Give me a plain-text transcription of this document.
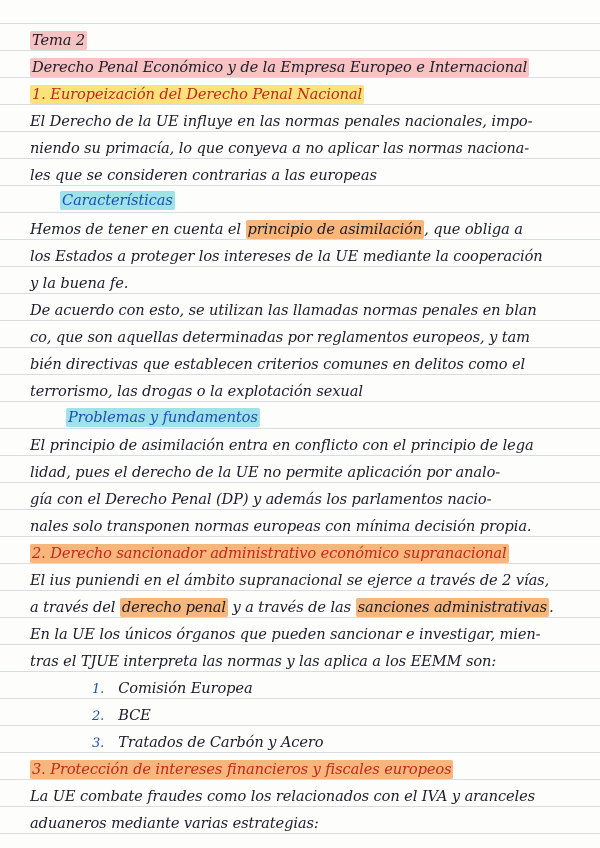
Tema 2
Derecho Penal Económico y de la Empresa Europeo e Internacional
1. Europeización del Derecho Penal Nacional
El Derecho de la UE influye en las normas penales nacionales, impo-
niendo su primacía, lo que conyeva a no aplicar las normas naciona-
les que se consideren contrarias a las europeas
Características
Hemos de tener en cuenta el principio de asimilación , que obliga a
los Estados a proteger los intereses de la UE mediante la cooperación
y la buena fe.
De acuerdo con esto, se utilizan las llamadas normas penales en blan
co, que son aquellas determinadas por reglamentos europeos, y tam
bién directivas que establecen criterios comunes en delitos como el
terrorismo, las drogas o la explotación sexual
Problemas y fundamentos
El principio de asimilación entra en conflicto con el principio de lega
lidad, pues el derecho de la UE no permite aplicación por analo-
gía con el Derecho Penal (DP) y además los parlamentos nacio-
nales solo transponen normas europeas con mínima decisión propia.
2. Derecho sancionador administrativo económico supranacional
El ius puniendi en el ámbito supranacional se ejerce a través de 2 vías,
a través del derecho penal y a través de las sanciones administrativas .
En la UE los únicos órganos que pueden sancionar e investigar, mien-
tras el TJUE interpreta las normas y las aplica a los EEMM son:
1. Comisión Europea
2. BCE
3. Tratados de Carbón y Acero
3. Protección de intereses financieros y fiscales europeos
La UE combate fraudes como los relacionados con el IVA y aranceles
aduaneros mediante varias estrategias:
